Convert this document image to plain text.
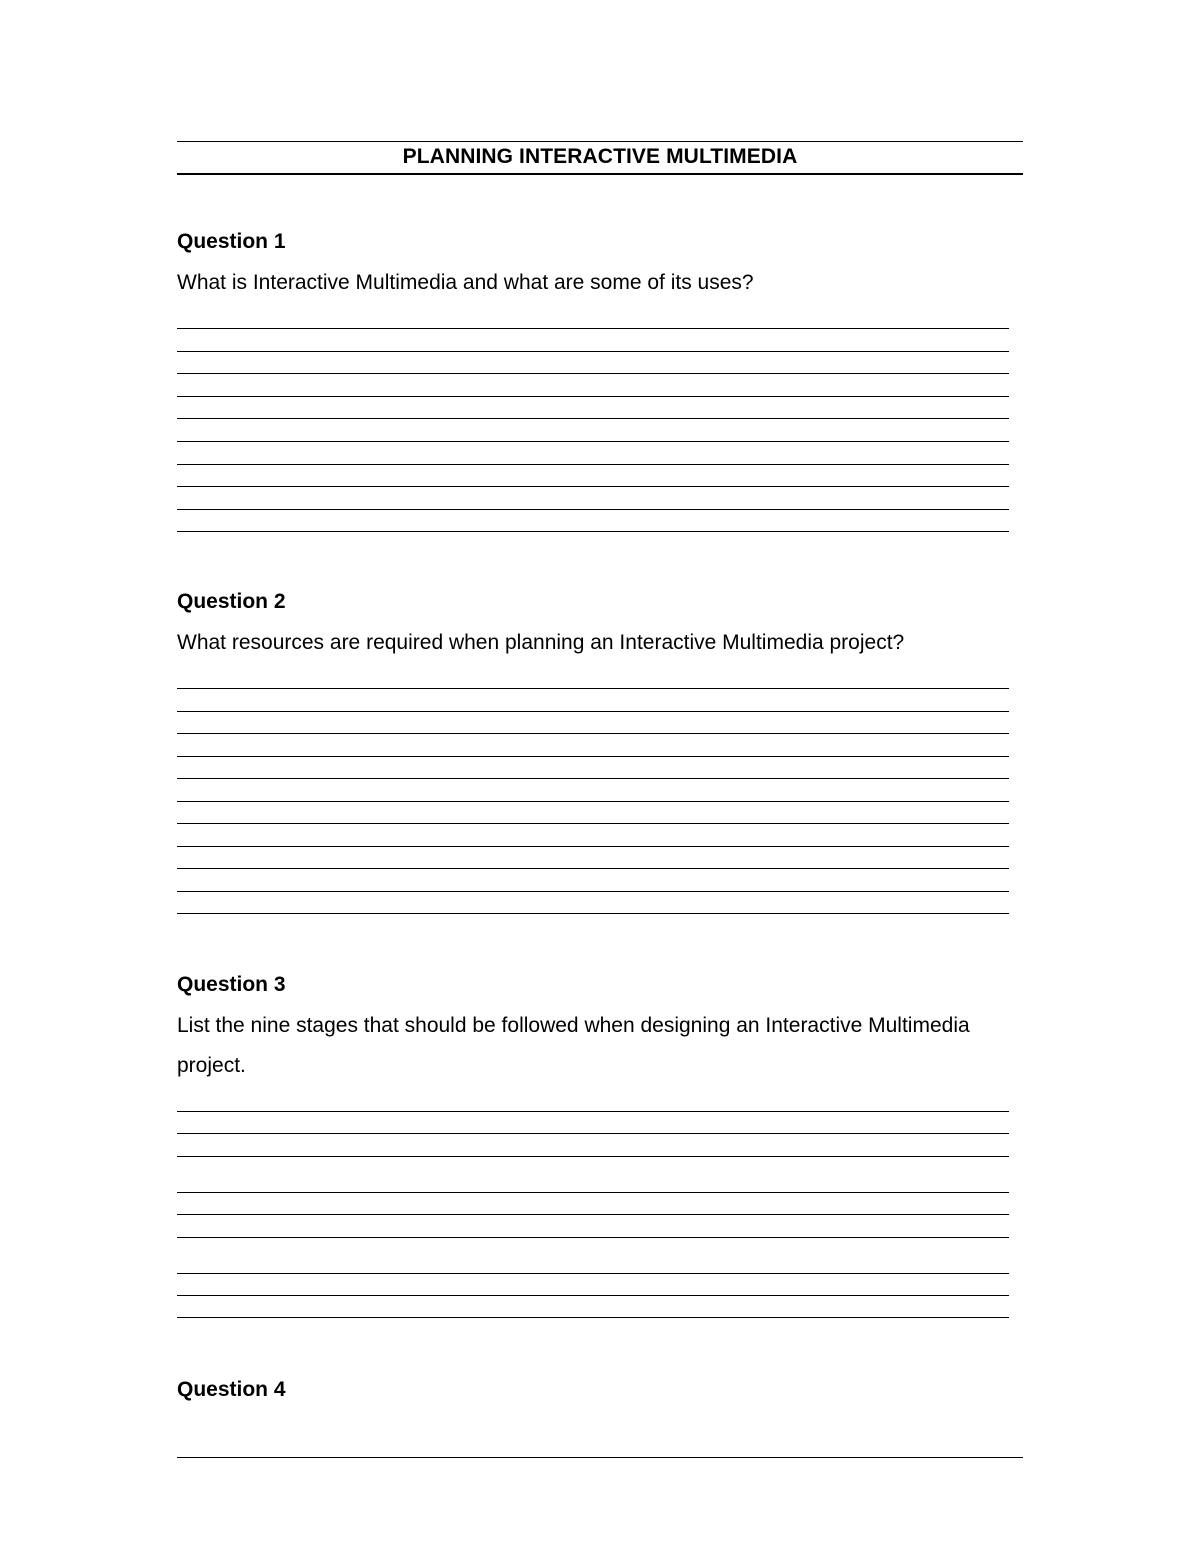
PLANNING INTERACTIVE MULTIMEDIA
Question 1
What is Interactive Multimedia and what are some of its uses?
Question 2
What resources are required when planning an Interactive Multimedia project?
Question 3
List the nine stages that should be followed when designing an Interactive Multimedia project.
Question 4
